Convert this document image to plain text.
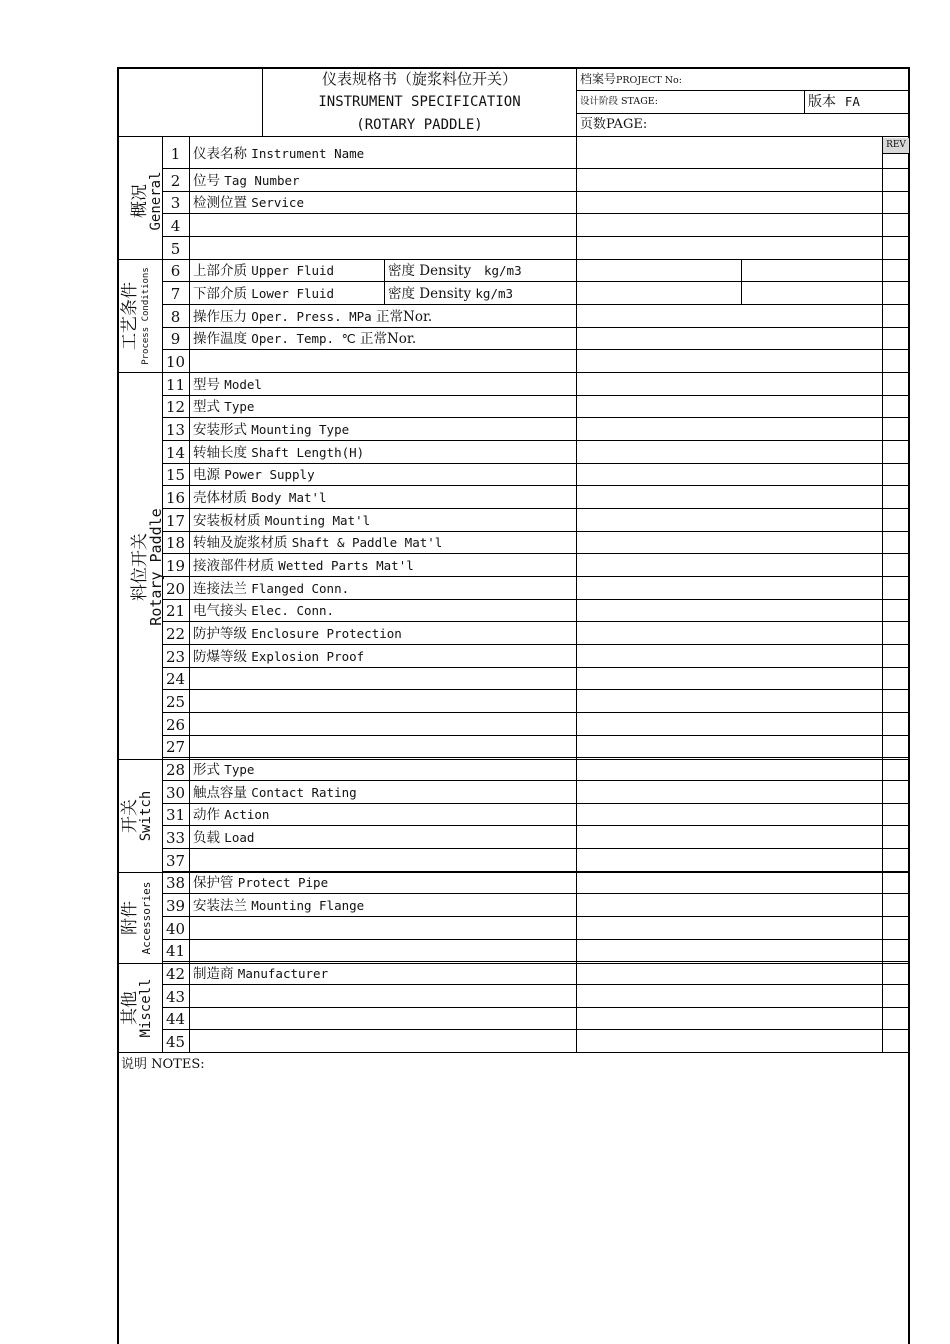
仪表规格书（旋浆料位开关）
INSTRUMENT SPECIFICATION
(ROTARY PADDLE)
档案号PROJECT No:
设计阶段 STAGE:	版本 FA
页数PAGE:
REV
1 仪表名称 Instrument Name
2 位号 Tag Number
3 检测位置 Service
4
5
6 上部介质 Upper Fluid
7 下部介质 Lower Fluid
8 操作压力 Oper. Press. MPa 正常Nor.
9 操作温度 Oper. Temp. ℃ 正常Nor.
10
11 型号 Model
12 型式 Type
13 安装形式 Mounting Type
14 转轴长度 Shaft Length(H)
15 电源 Power Supply
16 壳体材质 Body Mat'l
17 安装板材质 Mounting Mat'l
18 转轴及旋浆材质 Shaft & Paddle Mat'l
19 接液部件材质 Wetted Parts Mat'l
20 连接法兰 Flanged Conn.
21 电气接头 Elec. Conn.
22 防护等级 Enclosure Protection
23 防爆等级 Explosion Proof
24
25
26
27
28 形式 Type
30 触点容量 Contact Rating
31 动作 Action
33 负载 Load
37
38 保护管 Protect Pipe
39 安装法兰 Mounting Flange
40
41
42 制造商 Manufacturer
43
44
45
概况
General
工艺条件 Process Conditions
料位开关
Rotary Paddle
开关
Switch
附件 Accessories
其他
Miscell
密度 Density kg/m3
密度 Density kg/m3
说明 NOTES:
